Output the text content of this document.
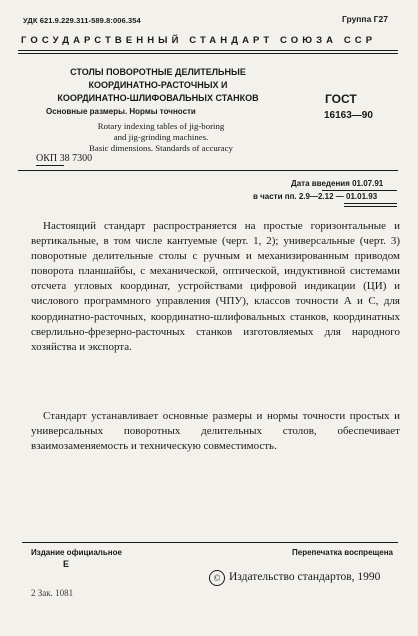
УДК 621.9.229.311-589.8:006.354	Группа Г27
ГОСУДАРСТВЕННЫЙ СТАНДАРТ СОЮЗА ССР
СТОЛЫ ПОВОРОТНЫЕ ДЕЛИТЕЛЬНЫЕ
КООРДИНАТНО-РАСТОЧНЫХ И
КООРДИНАТНО-ШЛИФОВАЛЬНЫХ СТАНКОВ	ГОСТ
16163—90
Основные размеры. Нормы точности
Rotary indexing tables of jig-boring
and jig-grinding machines.
Basic dimensions. Standards of accuracy
ОКП 38 7300
Дата введения 01.07.91
в части пп. 2.9—2.12 — 01.01.93

Настоящий стандарт распространяется на простые горизонтальные и вертикальные, в том числе кантуемые (черт. 1, 2); универсальные (черт. 3) поворотные делительные столы с ручным и механизированным приводом поворота планшайбы, с механической, оптической, индуктивной системами отсчета угловых координат, устройствами цифровой индикации (ЦИ) и числового программного управления (ЧПУ), классов точности А и С, для координатно-расточных, координатно-шлифовальных станков, координатных сверлильно-фрезерно-расточных станков изготовляемых для народного хозяйства и экспорта.

Стандарт устанавливает основные размеры и нормы точности простых и универсальных поворотных делительных столов, обеспечивает взаимозаменяемость и техническую совместимость.

Издание официальное	Перепечатка воспрещена
Е
© Издательство стандартов, 1990
2 Зак. 1081
